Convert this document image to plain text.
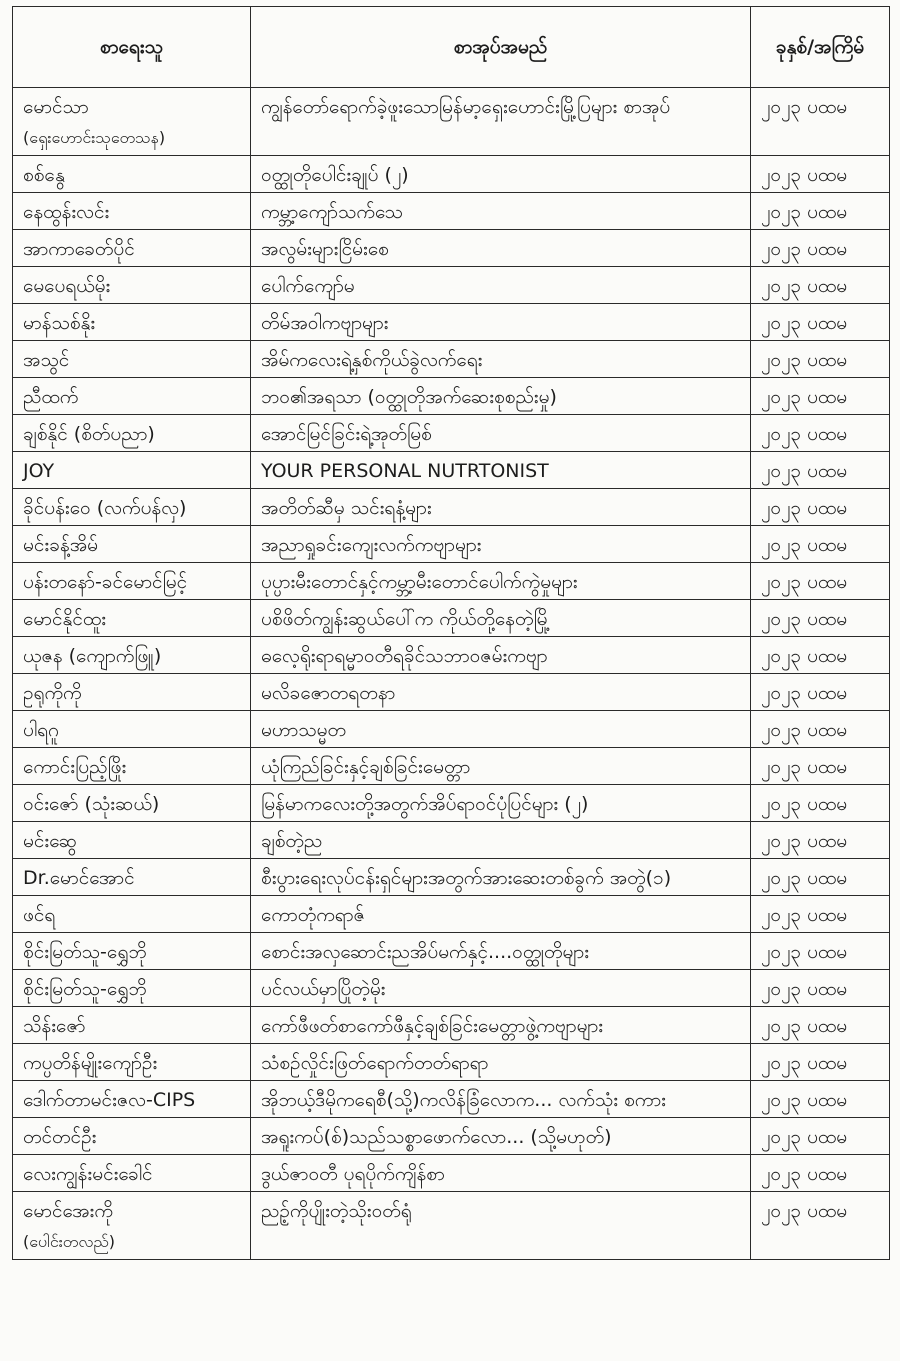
စာရေးသူ	စာအုပ်အမည်	ခုနှစ်/အကြိမ်
မောင်သာ
(ရှေးဟောင်းသုတေသန)	ကျွန်တော်ရောက်ခဲ့ဖူးသောမြန်မာ့ရှေးဟောင်းမြို့ပြများ စာအုပ်	၂၀၂၃ ပထမ
စစ်နွေ	ဝတ္ထုတိုပေါင်းချုပ် (၂)	၂၀၂၃ ပထမ
နေထွန်းလင်း	ကမ္ဘာ့ကျော်သက်သေ	၂၀၂၃ ပထမ
အာကာခေတ်ပိုင်	အလွမ်းများငြိမ်းစေ	၂၀၂၃ ပထမ
မေပေရယ်မိုး	ပေါက်ကျော်မ	၂၀၂၃ ပထမ
မာန်သစ်နိုး	တိမ်အဝါကဗျာများ	၂၀၂၃ ပထမ
အသွင်	အိမ်ကလေးရဲ့နှစ်ကိုယ်ခွဲလက်ရေး	၂၀၂၃ ပထမ
ညီထက်	ဘဝ၏အရသာ (ဝတ္ထုတိုအက်ဆေးစုစည်းမှု)	၂၀၂၃ ပထမ
ချစ်နိုင် (စိတ်ပညာ)	အောင်မြင်ခြင်းရဲ့အုတ်မြစ်	၂၀၂၃ ပထမ
JOY	YOUR PERSONAL NUTRTONIST	၂၀၂၃ ပထမ
ခိုင်ပန်းဝေ (လက်ပန်လှ)	အတိတ်ဆီမှ သင်းရနံ့များ	၂၀၂၃ ပထမ
မင်းခန့်အိမ်	အညာရှုခင်းကျေးလက်ကဗျာများ	၂၀၂၃ ပထမ
ပန်းတနော်-ခင်မောင်မြင့်	ပုပ္ပားမီးတောင်နှင့်ကမ္ဘာ့မီးတောင်ပေါက်ကွဲမှုများ	၂၀၂၃ ပထမ
မောင်နိုင်ထူး	ပစိဖိတ်ကျွန်းဆွယ်ပေါ်က ကိုယ်တို့နေတဲ့မြို့	၂၀၂၃ ပထမ
ယုဇန (ကျောက်ဖြူ)	ဓလေ့ရိုးရာရမ္မာဝတီရခိုင်သဘာဝဇမ်းကဗျာ	၂၀၂၃ ပထမ
ဥရုကိုကို	မလိခဇောတရတနာ	၂၀၂၃ ပထမ
ပါရဂူ	မဟာသမ္မတ	၂၀၂၃ ပထမ
ကောင်းပြည့်ဖြိုး	ယုံကြည်ခြင်းနှင့်ချစ်ခြင်းမေတ္တာ	၂၀၂၃ ပထမ
ဝင်းဇော် (သုံးဆယ်)	မြန်မာကလေးတို့အတွက်အိပ်ရာဝင်ပုံပြင်များ (၂)	၂၀၂၃ ပထမ
မင်းဆွေ	ချစ်တဲ့ည	၂၀၂၃ ပထမ
Dr.မောင်အောင်	စီးပွားရေးလုပ်ငန်းရှင်များအတွက်အားဆေးတစ်ခွက် အတွဲ(၁)	၂၀၂၃ ပထမ
ဖင်ရ	ကောတုံကရာဇ်	၂၀၂၃ ပထမ
စိုင်းမြတ်သူ-ရွှေဘို	စောင်းအလှဆောင်းညအိပ်မက်နှင့်....ဝတ္ထုတိုများ	၂၀၂၃ ပထမ
စိုင်းမြတ်သူ-ရွှေဘို	ပင်လယ်မှာပြိုတဲ့မိုး	၂၀၂၃ ပထမ
သိန်းဇော်	ကော်ဖီဖတ်စာကော်ဖီနှင့်ချစ်ခြင်းမေတ္တာဖွဲ့ကဗျာများ	၂၀၂၃ ပထမ
ကပ္ပတိန်မျိုးကျော်ဦး	သံစဉ်လှိုင်းဖြတ်ရောက်တတ်ရာရာ	၂၀၂၃ ပထမ
ဒေါက်တာမင်းဇလ-CIPS	အိုဘယ့်ဒီမိုကရေစီ(သို့)ကလိန်ခြံလောက... လက်သုံး စကား	၂၀၂၃ ပထမ
တင်တင်ဦး	အရူးကပ်(စ်)သည်သစ္စာဖောက်လော... (သို့မဟုတ်)	၂၀၂၃ ပထမ
လေးကျွန်းမင်းခေါင်	ဒွယ်ဇာဝတီ ပုရပိုက်ကျိန်စာ	၂၀၂၃ ပထမ
မောင်အေးကို
(ပေါင်းတလည်)	ညဥ့်ကိုပျိုးတဲ့သိုးဝတ်ရုံ	၂၀၂၃ ပထမ
